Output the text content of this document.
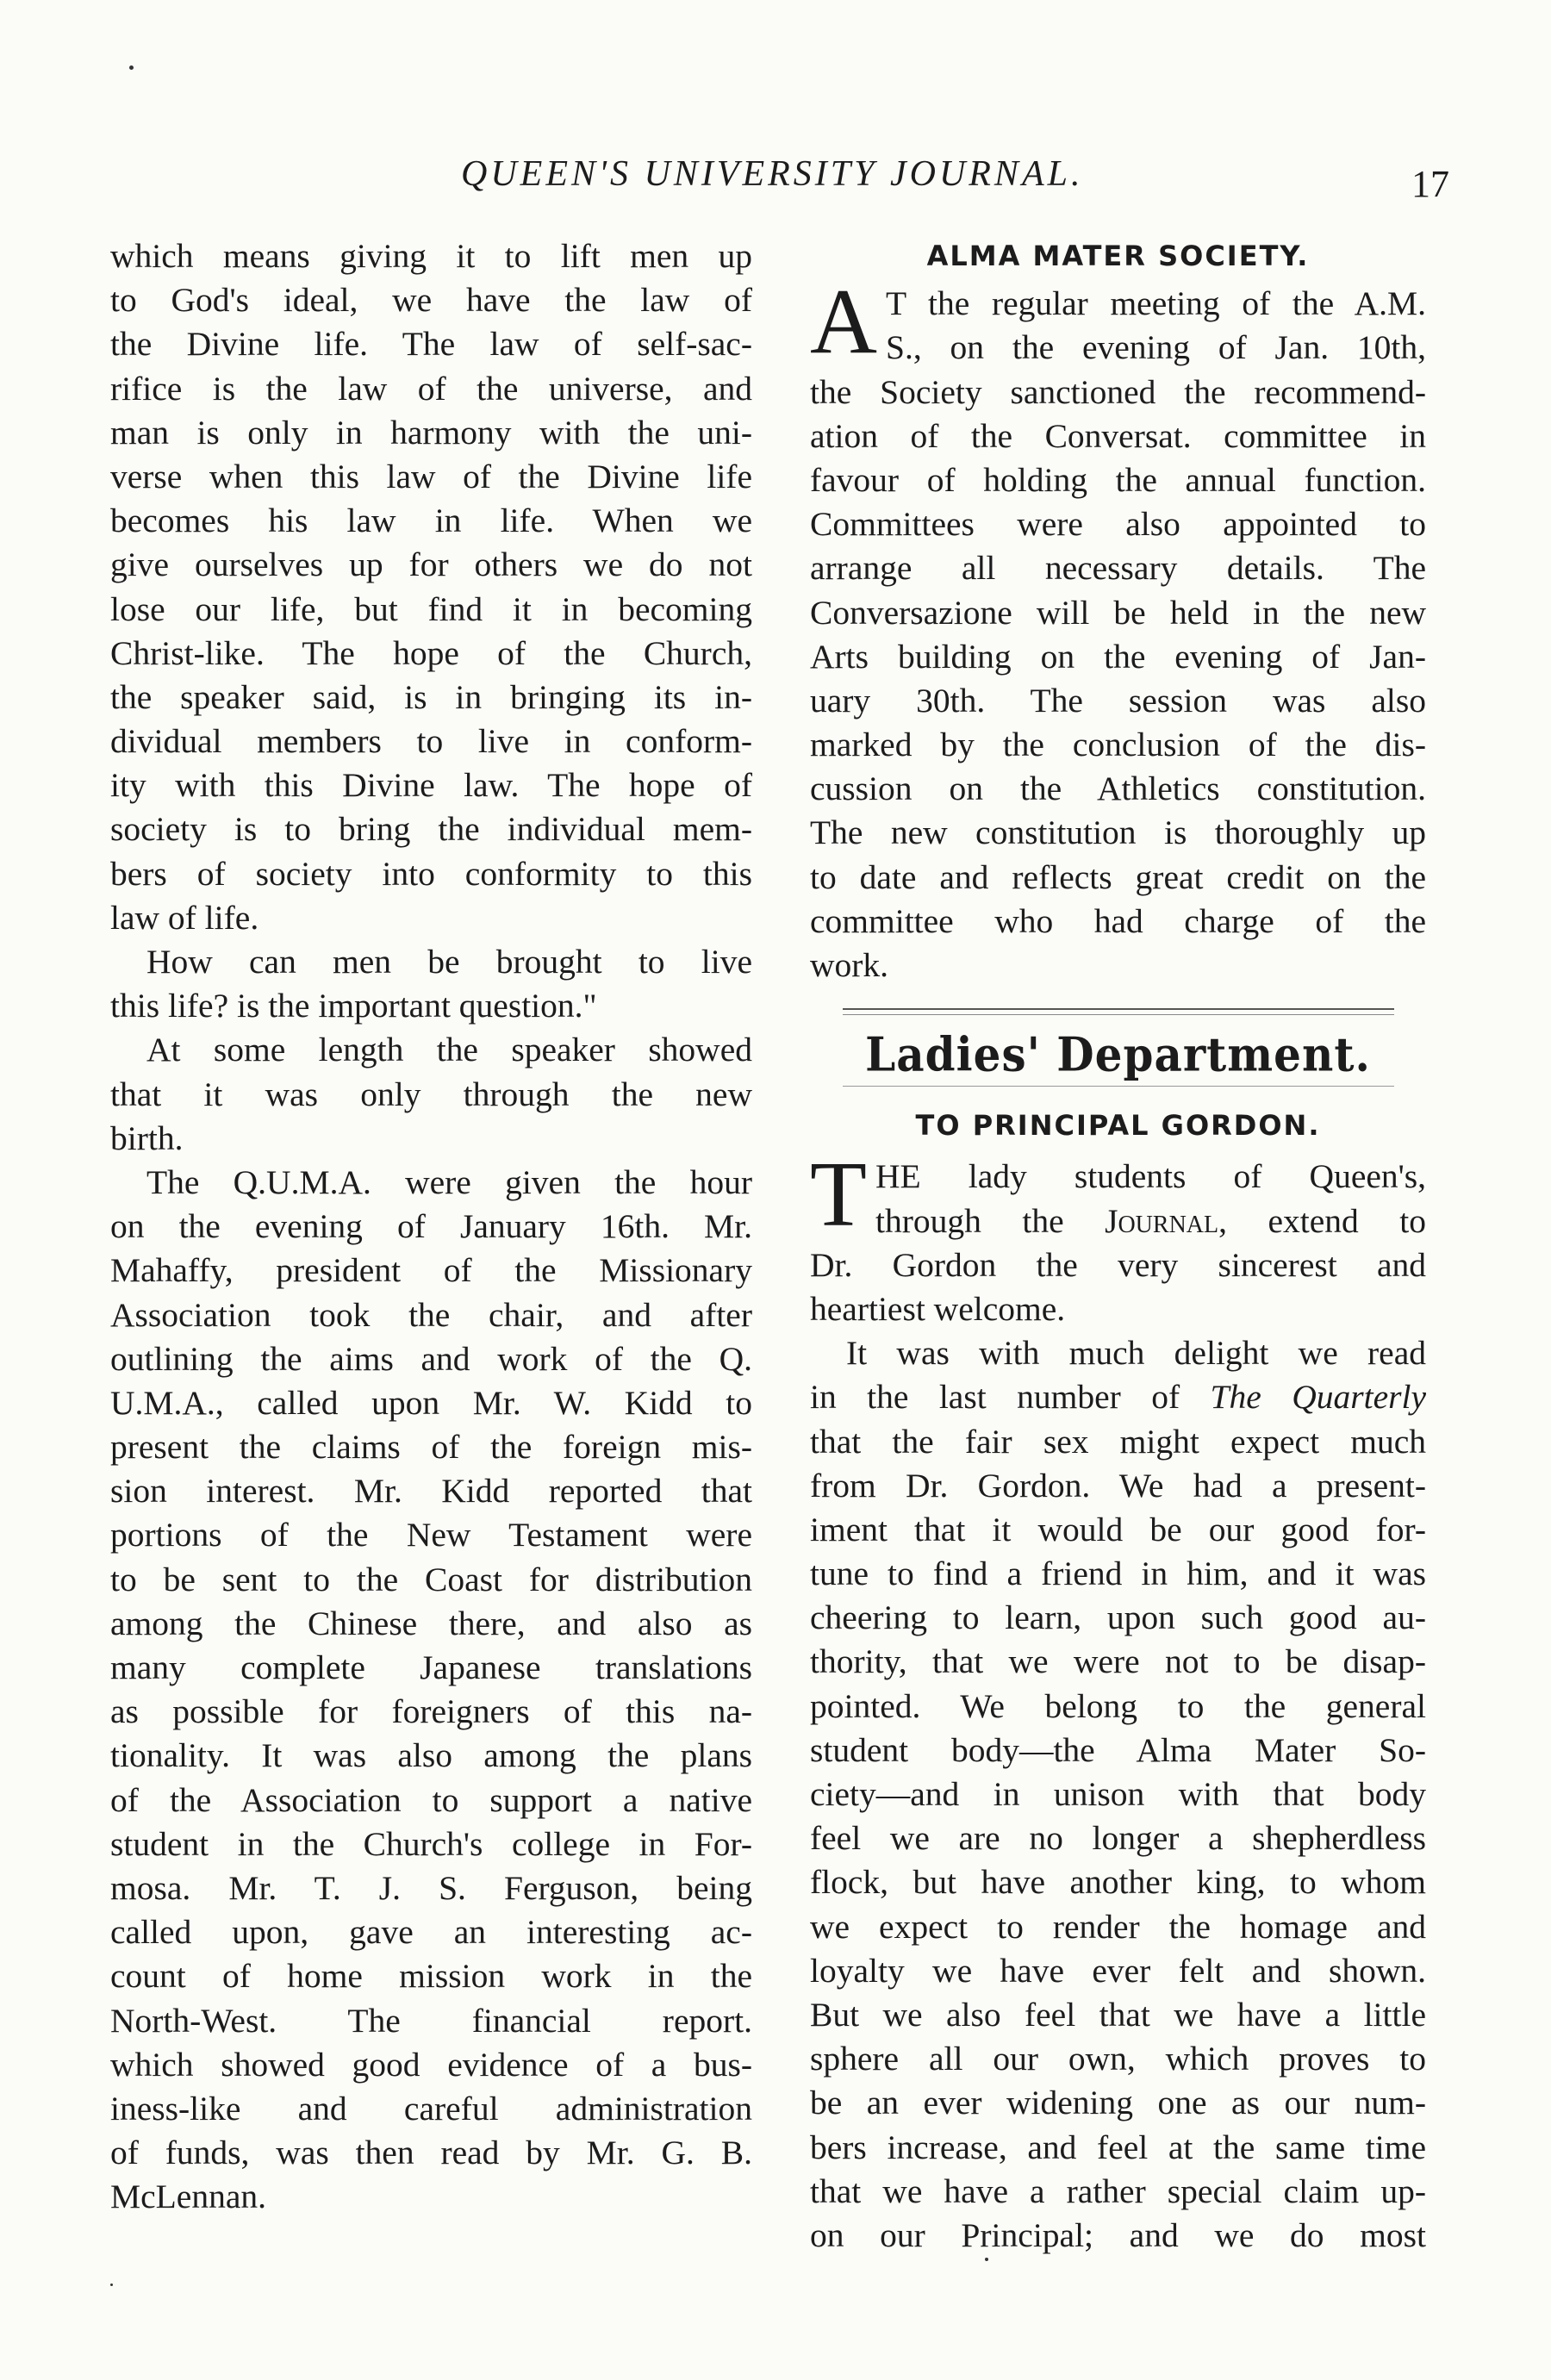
QUEEN'S UNIVERSITY JOURNAL.	17
which means giving it to lift men up
to God's ideal, we have the law of
the Divine life. The law of self-sac-
rifice is the law of the universe, and
man is only in harmony with the uni-
verse when this law of the Divine life
becomes his law in life. When we
give ourselves up for others we do not
lose our life, but find it in becoming
Christ-like. The hope of the Church,
the speaker said, is in bringing its in-
dividual members to live in conform-
ity with this Divine law. The hope of
society is to bring the individual mem-
bers of society into conformity to this
law of life.
How can men be brought to live
this life? is the important question."
At some length the speaker showed
that it was only through the new
birth.
The Q.U.M.A. were given the hour
on the evening of January 16th. Mr.
Mahaffy, president of the Missionary
Association took the chair, and after
outlining the aims and work of the Q.
U.M.A., called upon Mr. W. Kidd to
present the claims of the foreign mis-
sion interest. Mr. Kidd reported that
portions of the New Testament were
to be sent to the Coast for distribution
among the Chinese there, and also as
many complete Japanese translations
as possible for foreigners of this na-
tionality. It was also among the plans
of the Association to support a native
student in the Church's college in For-
mosa. Mr. T. J. S. Ferguson, being
called upon, gave an interesting ac-
count of home mission work in the
North-West. The financial report.
which showed good evidence of a bus-
iness-like and careful administration
of funds, was then read by Mr. G. B.
McLennan.
ALMA MATER SOCIETY.
A T the regular meeting of the A.M.
S., on the evening of Jan. 10th,
the Society sanctioned the recommend-
ation of the Conversat. committee in
favour of holding the annual function.
Committees were also appointed to
arrange all necessary details. The
Conversazione will be held in the new
Arts building on the evening of Jan-
uary 30th. The session was also
marked by the conclusion of the dis-
cussion on the Athletics constitution.
The new constitution is thoroughly up
to date and reflects great credit on the
committee who had charge of the
work.
Ladies' Department.
TO PRINCIPAL GORDON.
T HE lady students of Queen's,
through the Journal, extend to
Dr. Gordon the very sincerest and
heartiest welcome.
It was with much delight we read
in the last number of The Quarterly
that the fair sex might expect much
from Dr. Gordon. We had a present-
iment that it would be our good for-
tune to find a friend in him, and it was
cheering to learn, upon such good au-
thority, that we were not to be disap-
pointed. We belong to the general
student body—the Alma Mater So-
ciety—and in unison with that body
feel we are no longer a shepherdless
flock, but have another king, to whom
we expect to render the homage and
loyalty we have ever felt and shown.
But we also feel that we have a little
sphere all our own, which proves to
be an ever widening one as our num-
bers increase, and feel at the same time
that we have a rather special claim up-
on our Principal; and we do most
